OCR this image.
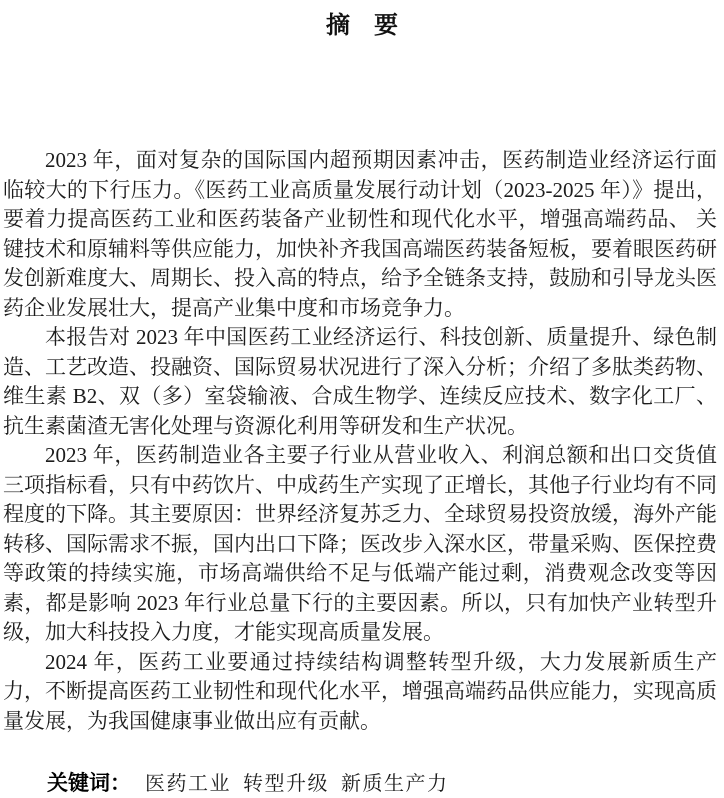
摘　要

2023 年，面对复杂的国际国内超预期因素冲击，医药制造业经济运行面临较大的下行压力。《医药工业高质量发展行动计划（2023-2025 年）》提出，要着力提高医药工业和医药装备产业韧性和现代化水平，增强高端药品、 关键技术和原辅料等供应能力，加快补齐我国高端医药装备短板，要着眼医药研发创新难度大、周期长、投入高的特点，给予全链条支持，鼓励和引导龙头医药企业发展壮大，提高产业集中度和市场竞争力。

本报告对 2023 年中国医药工业经济运行、科技创新、质量提升、绿色制造、工艺改造、投融资、国际贸易状况进行了深入分析；介绍了多肽类药物、维生素 B2、双（多）室袋输液、合成生物学、连续反应技术、数字化工厂、抗生素菌渣无害化处理与资源化利用等研发和生产状况。

2023 年，医药制造业各主要子行业从营业收入、利润总额和出口交货值三项指标看，只有中药饮片、中成药生产实现了正增长，其他子行业均有不同程度的下降。其主要原因：世界经济复苏乏力、全球贸易投资放缓，海外产能转移、国际需求不振，国内出口下降；医改步入深水区，带量采购、医保控费等政策的持续实施，市场高端供给不足与低端产能过剩，消费观念改变等因素，都是影响 2023 年行业总量下行的主要因素。所以，只有加快产业转型升级，加大科技投入力度，才能实现高质量发展。

2024 年，医药工业要通过持续结构调整转型升级，大力发展新质生产力，不断提高医药工业韧性和现代化水平，增强高端药品供应能力，实现高质量发展，为我国健康事业做出应有贡献。

关键词： 医药工业 转型升级 新质生产力
